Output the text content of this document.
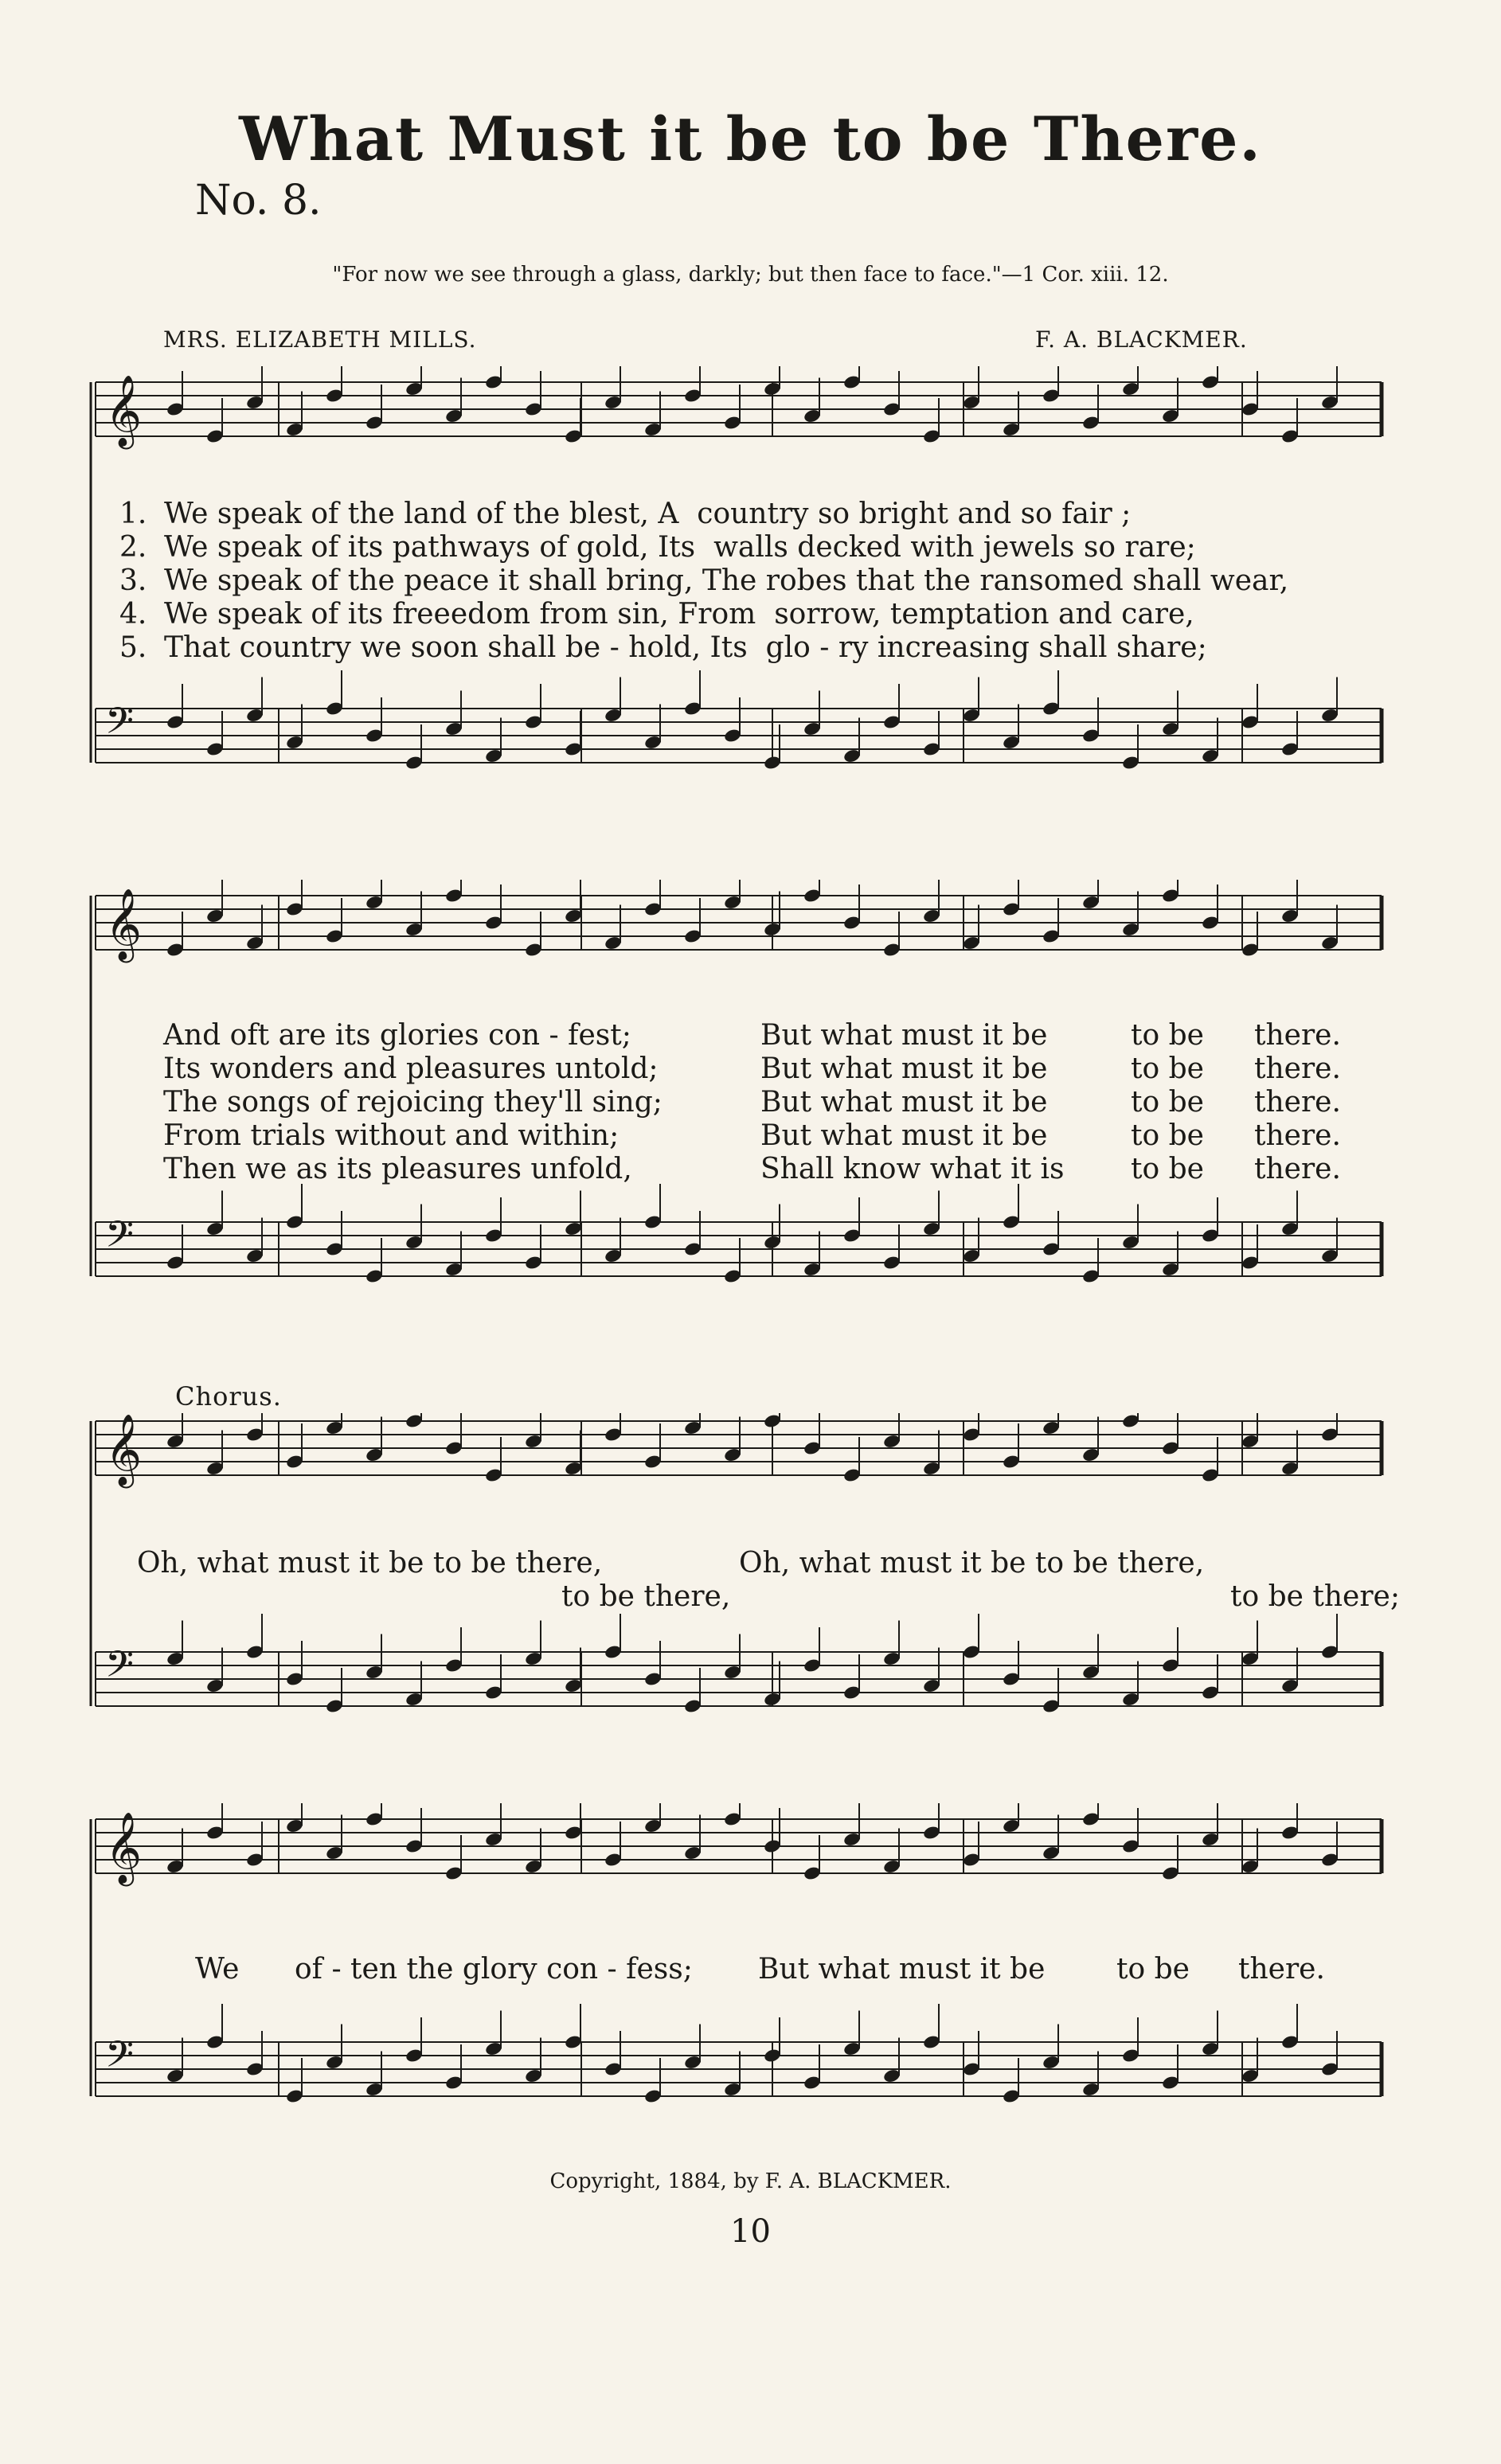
What Must it be to be There.
No. 8.
"For now we see through a glass, darkly; but then face to face."—1 Cor. xiii. 12.
MRS. ELIZABETH MILLS.	F. A. BLACKMER.
𝄞
𝄢
1. We speak of the land of the blest, A country so bright and so fair ;
2. We speak of its pathways of gold, Its walls decked with jewels so rare;
3. We speak of the peace it shall bring, The robes that the ransomed shall wear,
4. We speak of its freeedom from sin, From sorrow, temptation and care,
5. That country we soon shall be - hold, Its glo - ry increasing shall share;
𝄞
𝄢
And oft are its glories con - fest;	But what must it be	to be there.
Its wonders and pleasures untold;	But what must it be	to be there.
The songs of rejoicing they'll sing;	But what must it be	to be there.
From trials without and within;	But what must it be	to be there.
Then we as its pleasures unfold,	Shall know what it is to be there.
Chorus.
𝄞
𝄢
Oh, what must it be to be there,	Oh, what must it be to be there,
to be there,	to be there;
𝄞
𝄢
We of - ten the glory con - fess; But what must it be to be there.
Copyright, 1884, by F. A. BLACKMER.
10
